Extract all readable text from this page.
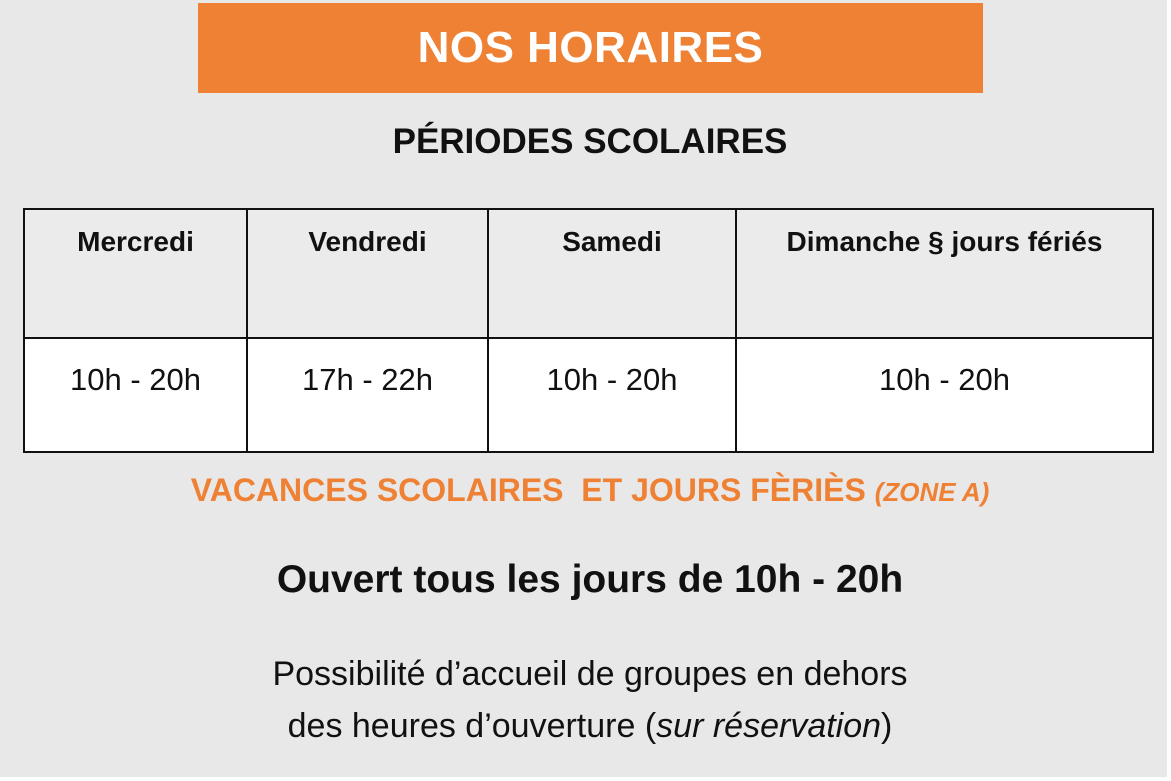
NOS HORAIRES
PÉRIODES SCOLAIRES
Mercredi	Vendredi	Samedi	Dimanche § jours fériés
10h - 20h	17h - 22h	10h - 20h	10h - 20h
VACANCES SCOLAIRES  ET JOURS FÈRIÈS (ZONE A)
Ouvert tous les jours de 10h - 20h
Possibilité d’accueil de groupes en dehors
des heures d’ouverture (sur réservation)
